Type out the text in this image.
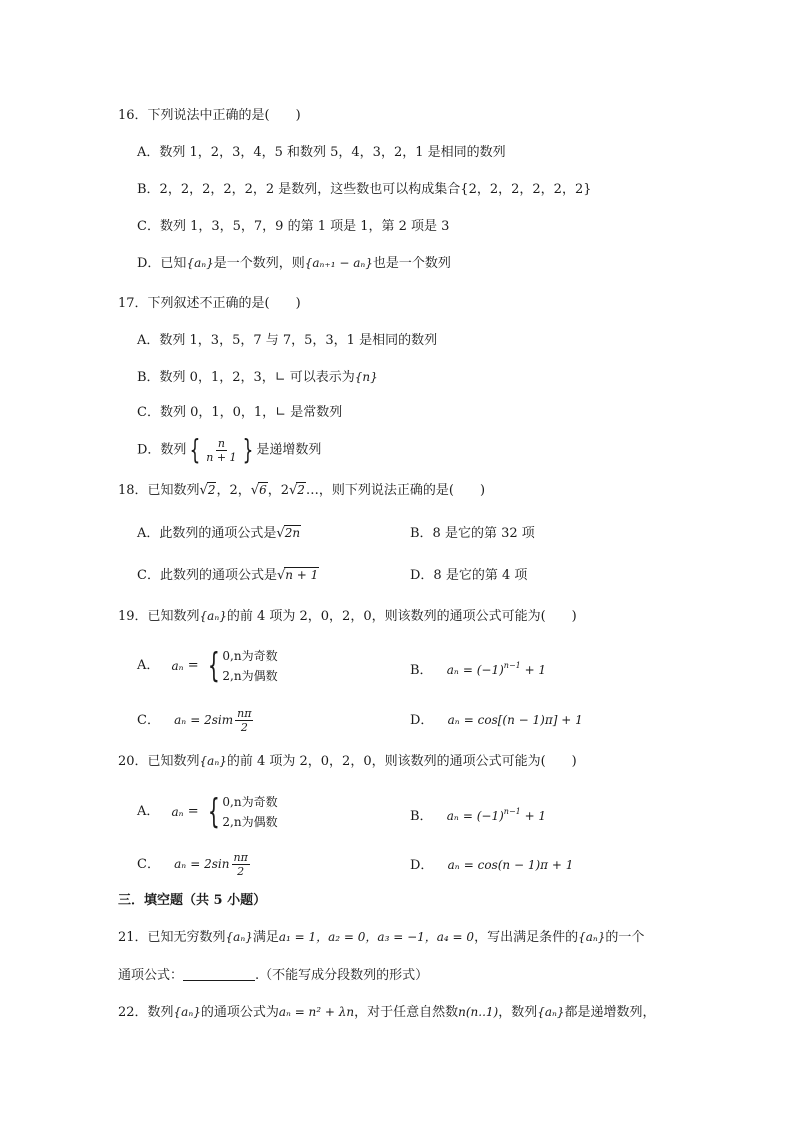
16．下列说法中正确的是(　　)
A．数列 1，2，3，4，5 和数列 5，4，3，2，1 是相同的数列
B．2，2，2，2，2，2 是数列，这些数也可以构成集合{2，2，2，2，2，2}
C．数列 1，3，5，7，9 的第 1 项是 1，第 2 项是 3
D．已知{aₙ}是一个数列，则{aₙ₊₁ − aₙ}也是一个数列
17．下列叙述不正确的是(　　)
A．数列 1，3，5，7 与 7，5，3，1 是相同的数列
B．数列 0，1，2，3，∟ 可以表示为{n}
C．数列 0，1，0，1，∟ 是常数列
D．数列 { $\frac{n}{n + 1}$ } 是递增数列
18．已知数列√2，2，√6，2√2…，则下列说法正确的是(　　)
A．此数列的通项公式是√2n	B．8 是它的第 32 项
C．此数列的通项公式是√n + 1	D．8 是它的第 4 项
19．已知数列{aₙ}的前 4 项为 2，0，2，0，则该数列的通项公式可能为(　　)
A． aₙ = { 0,n为奇数
2,n为偶数	B． $a_n = (-1)^{n-1} + 1$
C． $a_n = 2sim \frac{n\pi}{2}$	D． aₙ = cos[(n − 1)π] + 1
20．已知数列{aₙ}的前 4 项为 2，0，2，0，则该数列的通项公式可能为(　　)
A． aₙ = { 0,n为奇数
2,n为偶数	B． $a_n = (-1)^{n-1} + 1$
C． $a_n = 2\sin \frac{n\pi}{2}$	D． aₙ = cos(n − 1)π + 1
三．填空题（共 5 小题）
21．已知无穷数列{aₙ}满足a₁ = 1，a₂ = 0，a₃ = −1，a₄ = 0，写出满足条件的{aₙ}的一个
通项公式：	.（不能写成分段数列的形式）
22．数列{aₙ}的通项公式为aₙ = n² + λn，对于任意自然数n(n..1)，数列{aₙ}都是递增数列，
